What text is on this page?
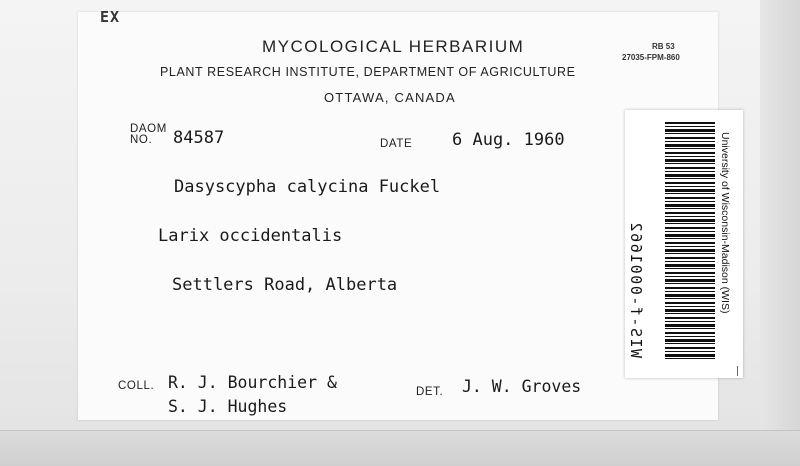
EX
MYCOLOGICAL HERBARIUM	RB 53
27035-FPM-860
PLANT RESEARCH INSTITUTE, DEPARTMENT OF AGRICULTURE
OTTAWA, CANADA
DAOM
NO.	84587	DATE 6 Aug. 1960
Dasyscypha calycina Fuckel
Larix occidentalis
Settlers Road, Alberta
COLL. R. J. Bourchier &
S. J. Hughes
DET. J. W. Groves
WIS-f-0001662	University of Wisconsin-Madison (WIS)
